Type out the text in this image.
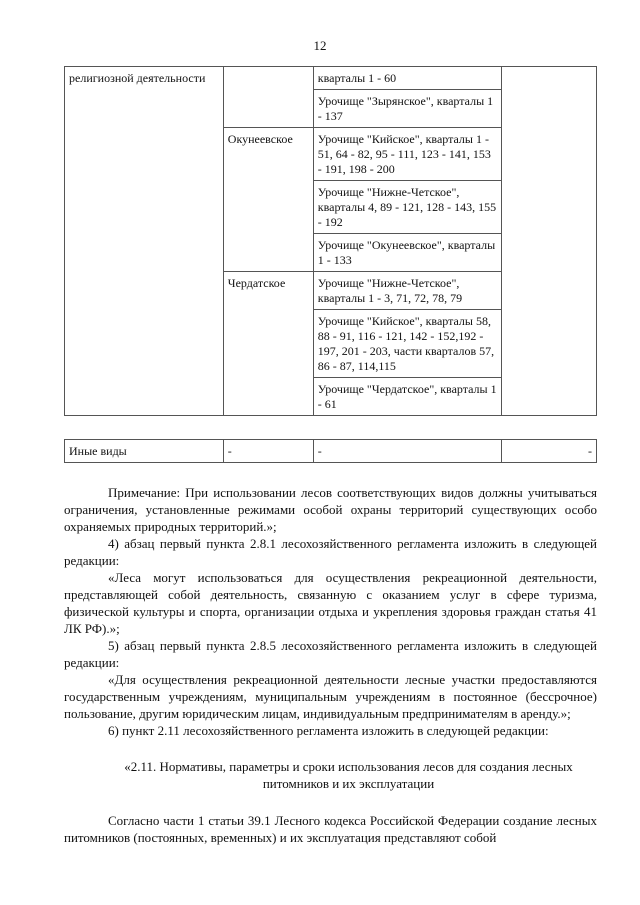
12
религиозной деятельности		кварталы 1 - 60	
		Урочище "Зырянское", кварталы 1 - 137	
	Окунеевское	Урочище "Кийское", кварталы 1 - 51, 64 - 82, 95 - 111, 123 - 141, 153 - 191, 198 - 200	
		Урочище "Нижне-Четское", кварталы 4, 89 - 121, 128 - 143, 155 - 192	
		Урочище "Окунеевское", кварталы 1 - 133	
	Чердатское	Урочище "Нижне-Четское", кварталы 1 - 3, 71, 72, 78, 79	
		Урочище "Кийское", кварталы 58, 88 - 91, 116 - 121, 142 - 152,192 - 197, 201 - 203, части кварталов 57, 86 - 87, 114,115	
		Урочище "Чердатское", кварталы 1 - 61	
Иные виды	-	-	-

Примечание: При использовании лесов соответствующих видов должны учитываться ограничения, установленные режимами особой охраны территорий существующих особо охраняемых природных территорий.»;

4) абзац первый пункта 2.8.1 лесохозяйственного регламента изложить в следующей редакции:

«Леса могут использоваться для осуществления рекреационной деятельности, представляющей собой деятельность, связанную с оказанием услуг в сфере туризма, физической культуры и спорта, организации отдыха и укрепления здоровья граждан статья 41 ЛК РФ).»;

5) абзац первый пункта 2.8.5 лесохозяйственного регламента изложить в следующей редакции:

«Для осуществления рекреационной деятельности лесные участки предоставляются государственным учреждениям, муниципальным учреждениям в постоянное (бессрочное) пользование, другим юридическим лицам, индивидуальным предпринимателям в аренду.»;

6) пункт 2.11 лесохозяйственного регламента изложить в следующей редакции:

«2.11. Нормативы, параметры и сроки использования лесов для создания лесных питомников и их эксплуатации

Согласно части 1 статьи 39.1 Лесного кодекса Российской Федерации создание лесных питомников (постоянных, временных) и их эксплуатация представляют собой
